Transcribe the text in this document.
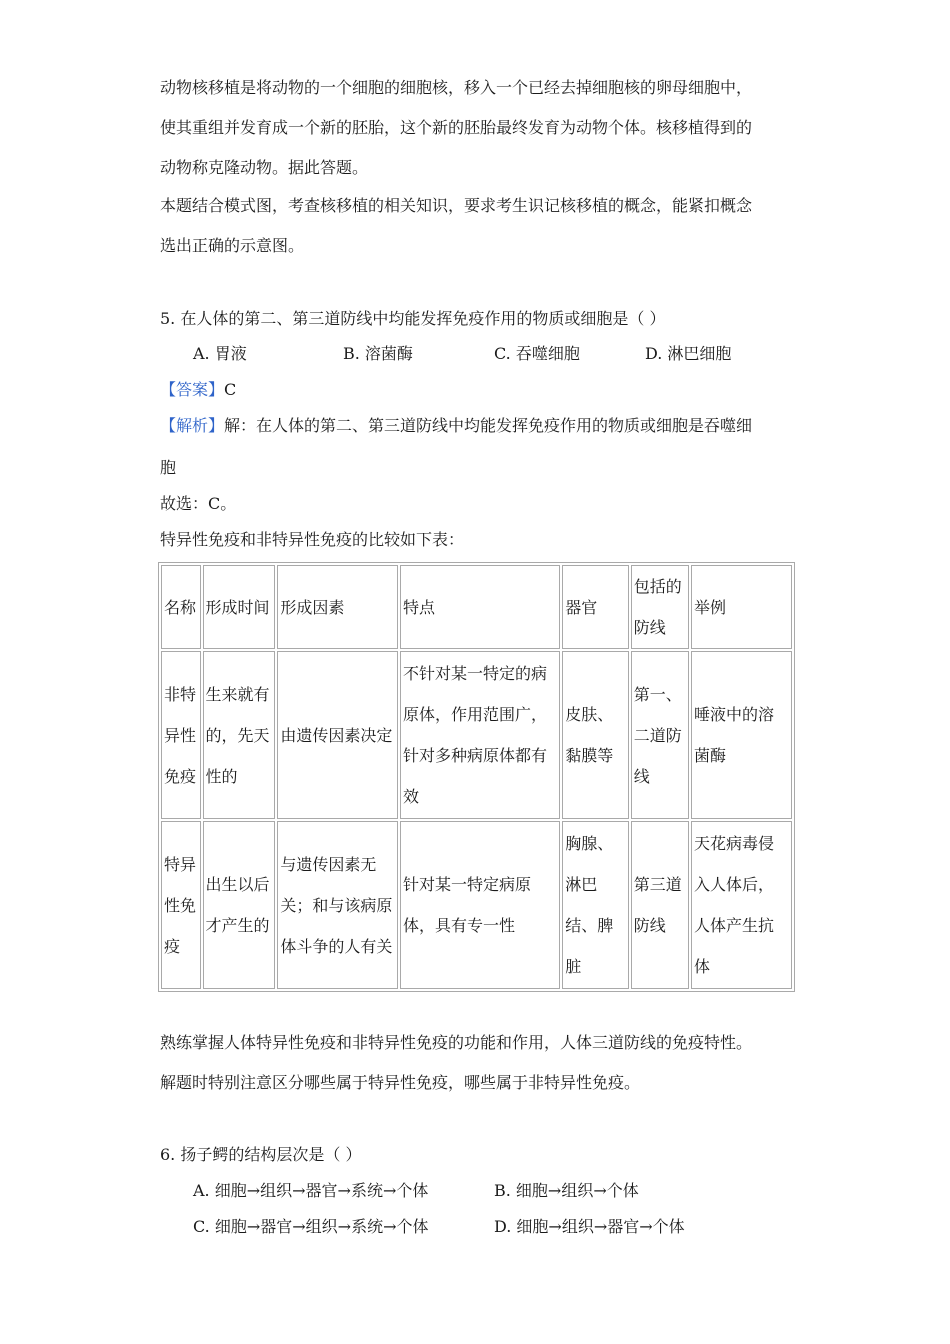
动物核移植是将动物的一个细胞的细胞核，移入一个已经去掉细胞核的卵母细胞中，
使其重组并发育成一个新的胚胎，这个新的胚胎最终发育为动物个体。核移植得到的
动物称克隆动物。据此答题。
本题结合模式图，考查核移植的相关知识，要求考生识记核移植的概念，能紧扣概念
选出正确的示意图。
5. 在人体的第二、第三道防线中均能发挥免疫作用的物质或细胞是（ ）
A. 胃液	B. 溶菌酶	C. 吞噬细胞	D. 淋巴细胞
【答案】C
【解析】解：在人体的第二、第三道防线中均能发挥免疫作用的物质或细胞是吞噬细
胞
故选：C。
特异性免疫和非特异性免疫的比较如下表：
名称	形成时间	形成因素	特点	器官	包括的防线	举例
非特异性免疫	生来就有的，先天性的	由遗传因素决定	不针对某一特定的病原体，作用范围广，针对多种病原体都有效	皮肤、黏膜等	第一、二道防线	唾液中的溶菌酶
特异性免疫	出生以后才产生的	与遗传因素无关；和与该病原体斗争的人有关	针对某一特定病原体，具有专一性	胸腺、淋巴结、脾脏	第三道防线	天花病毒侵入人体后，人体产生抗体
熟练掌握人体特异性免疫和非特异性免疫的功能和作用，人体三道防线的免疫特性。
解题时特别注意区分哪些属于特异性免疫，哪些属于非特异性免疫。
6. 扬子鳄的结构层次是（ ）
A. 细胞→组织→器官→系统→个体	B. 细胞→组织→个体
C. 细胞→器官→组织→系统→个体	D. 细胞→组织→器官→个体
